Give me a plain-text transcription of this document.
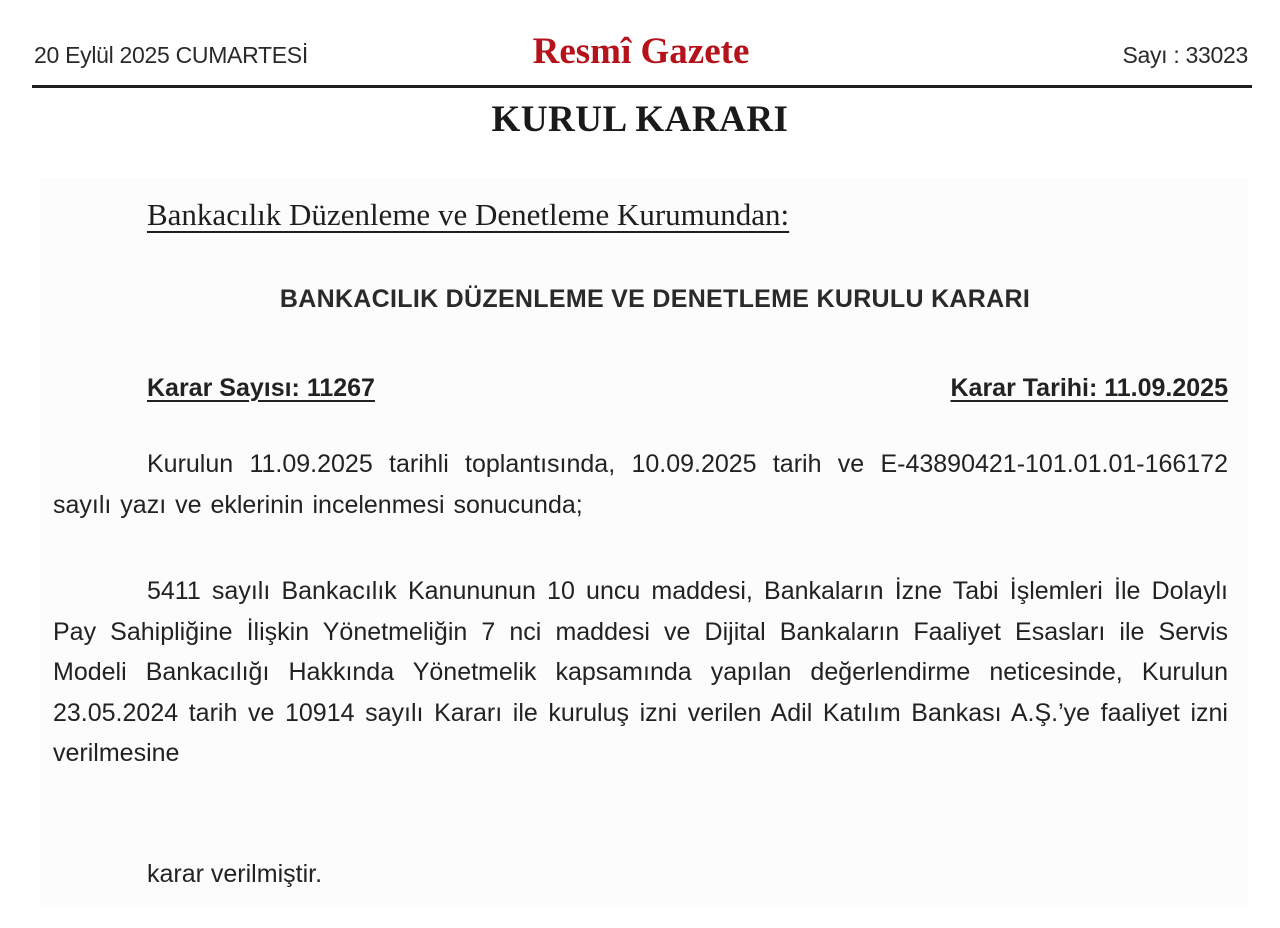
20 Eylül 2025 CUMARTESİ	Resmî Gazete	Sayı : 33023
KURUL KARARI
Bankacılık Düzenleme ve Denetleme Kurumundan:
BANKACILIK DÜZENLEME VE DENETLEME KURULU KARARI
Karar Sayısı: 11267	Karar Tarihi: 11.09.2025

Kurulun 11.09.2025 tarihli toplantısında, 10.09.2025 tarih ve E-43890421-101.01.01-166172 sayılı yazı ve eklerinin incelenmesi sonucunda;

5411 sayılı Bankacılık Kanununun 10 uncu maddesi, Bankaların İzne Tabi İşlemleri İle Dolaylı Pay Sahipliğine İlişkin Yönetmeliğin 7 nci maddesi ve Dijital Bankaların Faaliyet Esasları ile Servis Modeli Bankacılığı Hakkında Yönetmelik kapsamında yapılan değerlendirme neticesinde, Kurulun 23.05.2024 tarih ve 10914 sayılı Kararı ile kuruluş izni verilen Adil Katılım Bankası A.Ş.’ye faaliyet izni verilmesine

karar verilmiştir.
